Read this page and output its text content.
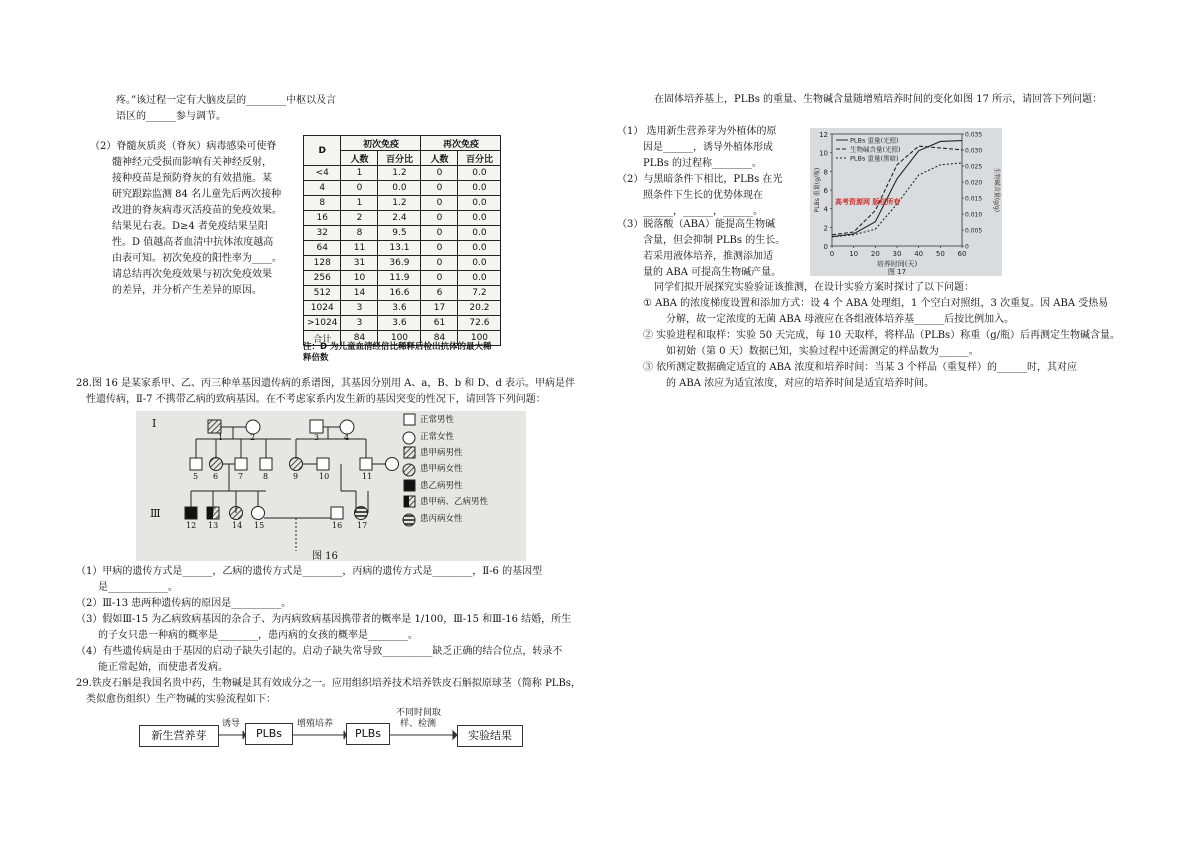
疼。”该过程一定有大脑皮层的________中枢以及言
语区的______参与调节。
（2）脊髓灰质炎（脊灰）病毒感染可使脊
髓神经元受损而影响有关神经反射，
接种疫苗是预防脊灰的有效措施。某
研究跟踪监测 84 名儿童先后两次接种
改进的脊灰病毒灭活疫苗的免疫效果。
结果见右表。D≥4 者免疫结果呈阳
性。D 值越高者血清中抗体浓度越高
由表可知。初次免疫的阳性率为____。
请总结再次免疫效果与初次免疫效果
的差异，并分析产生差异的原因。
D	初次免疫		再次免疫	
	人数	百分比	人数	百分比
<4	1	1.2	0	0.0
4	0	0.0	0	0.0
8	1	1.2	0	0.0
16	2	2.4	0	0.0
32	8	9.5	0	0.0
64	11	13.1	0	0.0
128	31	36.9	0	0.0
256	10	11.9	0	0.0
512	14	16.6	6	7.2
1024	3	3.6	17	20.2
>1024	3	3.6	61	72.6
合计	84	100	84	100
注：D 为儿童血清经倍比稀释后检出抗体的最大稀释倍数
28.图 16 是某家系甲、乙、丙三种单基因遗传病的系谱图，其基因分别用 A、a，B、b 和 D、d 表示。甲病是伴
性遗传病，Ⅱ-7 不携带乙病的致病基因。在不考虑家系内发生新的基因突变的性况下，请回答下列问题：
Ⅰ
Ⅲ
1	2	3	4
5 6 7 8	9	10	11
12 13 14 15	16 17
正常男性
正常女性
患甲病男性
患甲病女性
患乙病男性
患甲病、乙病男性
患丙病女性
图 16
（1）甲病的遗传方式是______，乙病的遗传方式是________，丙病的遗传方式是________，Ⅱ-6 的基因型
是____________。
（2）Ⅲ-13 患两种遗传病的原因是__________。
（3）假如Ⅲ-15 为乙病致病基因的杂合子、为丙病致病基因携带者的概率是 1/100，Ⅲ-15 和Ⅲ-16 结婚，所生
的子女只患一种病的概率是________，患丙病的女孩的概率是________。
（4）有些遗传病是由于基因的启动子缺失引起的。启动子缺失常导致__________缺乏正确的结合位点，转录不
能正常起始，而使患者发病。
29.铁皮石斛是我国名贵中药，生物碱是其有效成分之一。应用组织培养技术培养铁皮石斛拟原球茎（简称 PLBs，
类似愈伤组织）生产物碱的实验流程如下：
新生营养芽	PLBs	PLBs	实验结果
诱导	增殖培养
不同时间取
样、检测
在固体培养基上，PLBs 的重量、生物碱含量随增殖培养时间的变化如图 17 所示，请回答下列问题：
（1） 选用新生营养芽为外植体的原
因是______，诱导外植体形成
PLBs 的过程称________。
（2）与黑暗条件下相比，PLBs 在光
照条件下生长的优势体现在
______，______，______。
（3）脱落酸（ABA）能提高生物碱
含量，但会抑制 PLBs 的生长。
若采用液体培养，推测添加适
量的 ABA 可提高生物碱产量。
同学们拟开展探究实验验证该推测，在设计实验方案时探讨了以下问题：
① ABA 的浓度梯度设置和添加方式：设 4 个 ABA 处理组，1 个空白对照组，3 次重复。因 ABA 受热易
分解，故一定浓度的无菌 ABA 母液应在各组液体培养基______后按比例加入。
② 实验进程和取样：实验 50 天完成，每 10 天取样，将样品（PLBs）称重（g/瓶）后再测定生物碱含量。
如初始（第 0 天）数据已知，实验过程中还需测定的样品数为______。
③ 依所测定数据确定适宜的 ABA 浓度和培养时间：当某 3 个样品（重复样）的______时，其对应
的 ABA 浓应为适宜浓度，对应的培养时间是适宜培养时间。
0
2
4
6
8
10
12
0
0.005
0.010
0.015
0.020
0.025
0.030
0.035
0 10 20 30 40 50 60
PLBs 重量(光照)
生物碱含量(光照)
PLBs 重量(黑暗)
高考资源网 版权所有
PLBs 重量(g/瓶)	生物碱含量(g/g)
培养时间(天)
图 17
